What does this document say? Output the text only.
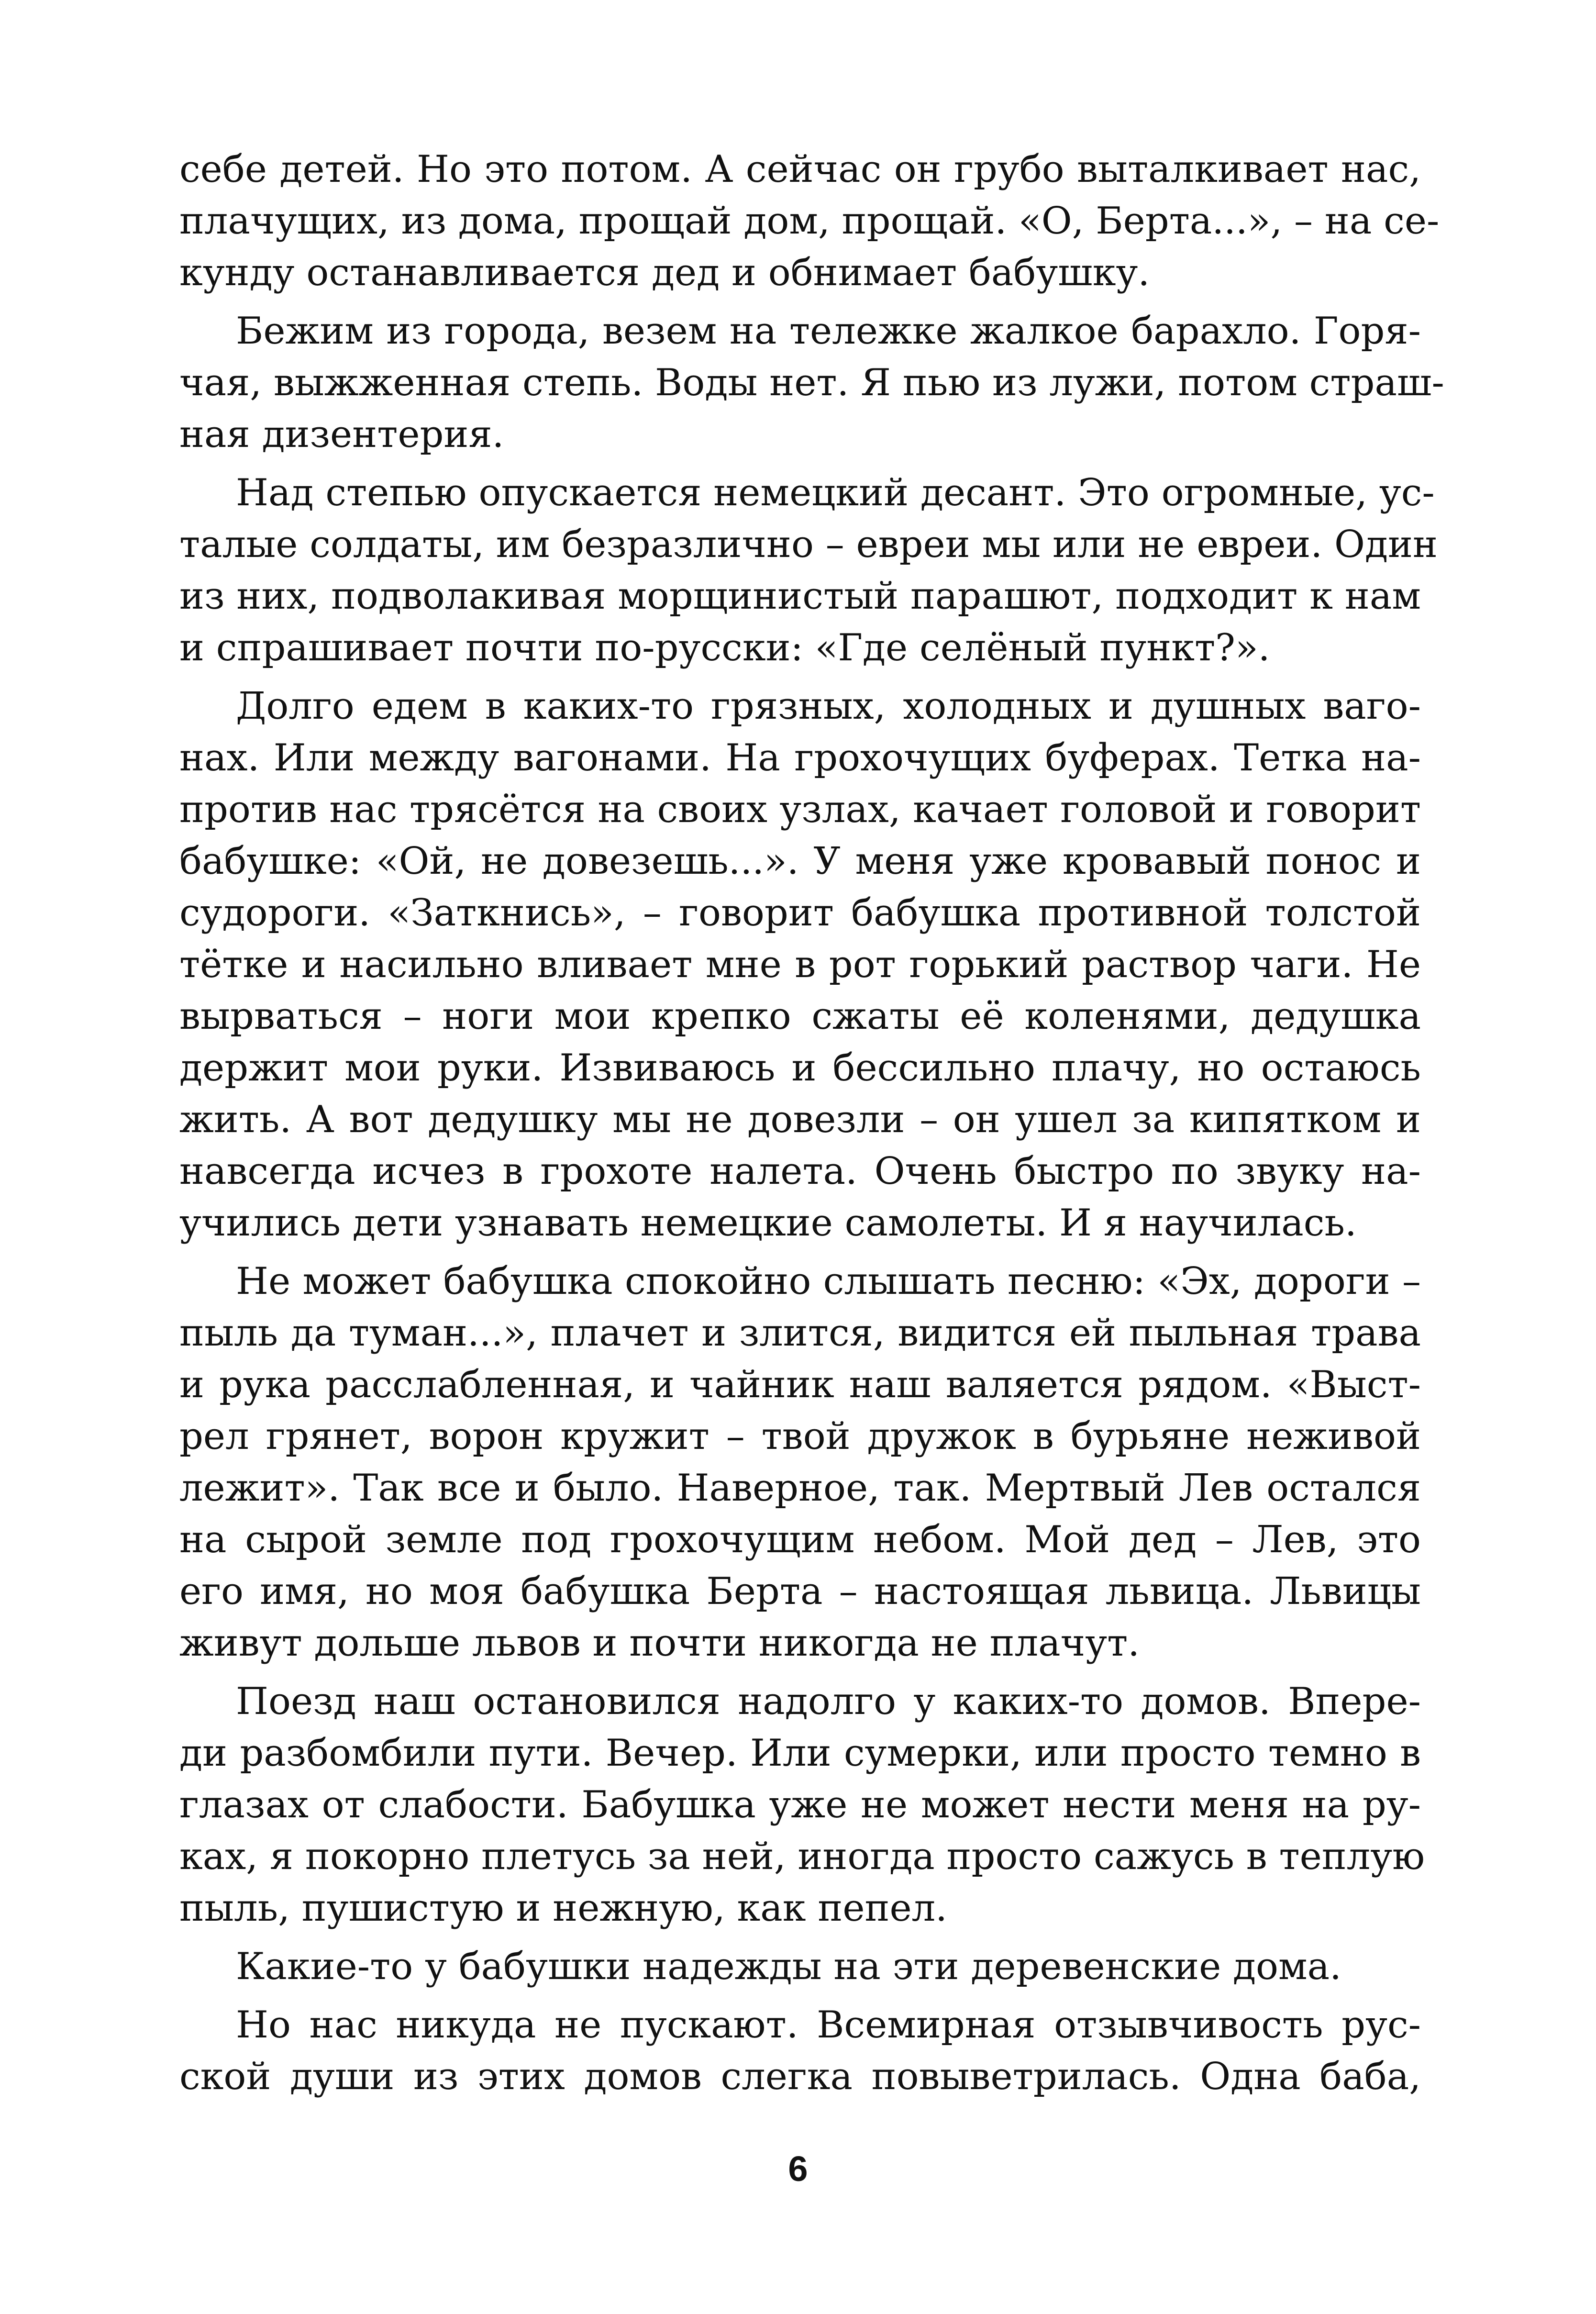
себе детей. Но это потом. А сейчас он грубо выталкивает нас,
плачущих, из дома, прощай дом, прощай. «О, Берта...», – на се-
кунду останавливается дед и обнимает бабушку.
Бежим из города, везем на тележке жалкое барахло. Горя-
чая, выжженная степь. Воды нет. Я пью из лужи, потом страш-
ная дизентерия.
Над степью опускается немецкий десант. Это огромные, ус-
талые солдаты, им безразлично – евреи мы или не евреи. Один
из них, подволакивая морщинистый парашют, подходит к нам
и спрашивает почти по-русски: «Где селёный пункт?».
Долго едем в каких-то грязных, холодных и душных ваго-
нах. Или между вагонами. На грохочущих буферах. Тетка на-
против нас трясётся на своих узлах, качает головой и говорит
бабушке: «Ой, не довезешь...». У меня уже кровавый понос и
судороги. «Заткнись», – говорит бабушка противной толстой
тётке и насильно вливает мне в рот горький раствор чаги. Не
вырваться – ноги мои крепко сжаты её коленями, дедушка
держит мои руки. Извиваюсь и бессильно плачу, но остаюсь
жить. А вот дедушку мы не довезли – он ушел за кипятком и
навсегда исчез в грохоте налета. Очень быстро по звуку на-
учились дети узнавать немецкие самолеты. И я научилась.
Не может бабушка спокойно слышать песню: «Эх, дороги –
пыль да туман...», плачет и злится, видится ей пыльная трава
и рука расслабленная, и чайник наш валяется рядом. «Выст-
рел грянет, ворон кружит – твой дружок в бурьяне неживой
лежит». Так все и было. Наверное, так. Мертвый Лев остался
на сырой земле под грохочущим небом. Мой дед – Лев, это
его имя, но моя бабушка Берта – настоящая львица. Львицы
живут дольше львов и почти никогда не плачут.
Поезд наш остановился надолго у каких-то домов. Впере-
ди разбомбили пути. Вечер. Или сумерки, или просто темно в
глазах от слабости. Бабушка уже не может нести меня на ру-
ках, я покорно плетусь за ней, иногда просто сажусь в теплую
пыль, пушистую и нежную, как пепел.
Какие-то у бабушки надежды на эти деревенские дома.
Но нас никуда не пускают. Всемирная отзывчивость рус-
ской души из этих домов слегка повыветрилась. Одна баба,
6
